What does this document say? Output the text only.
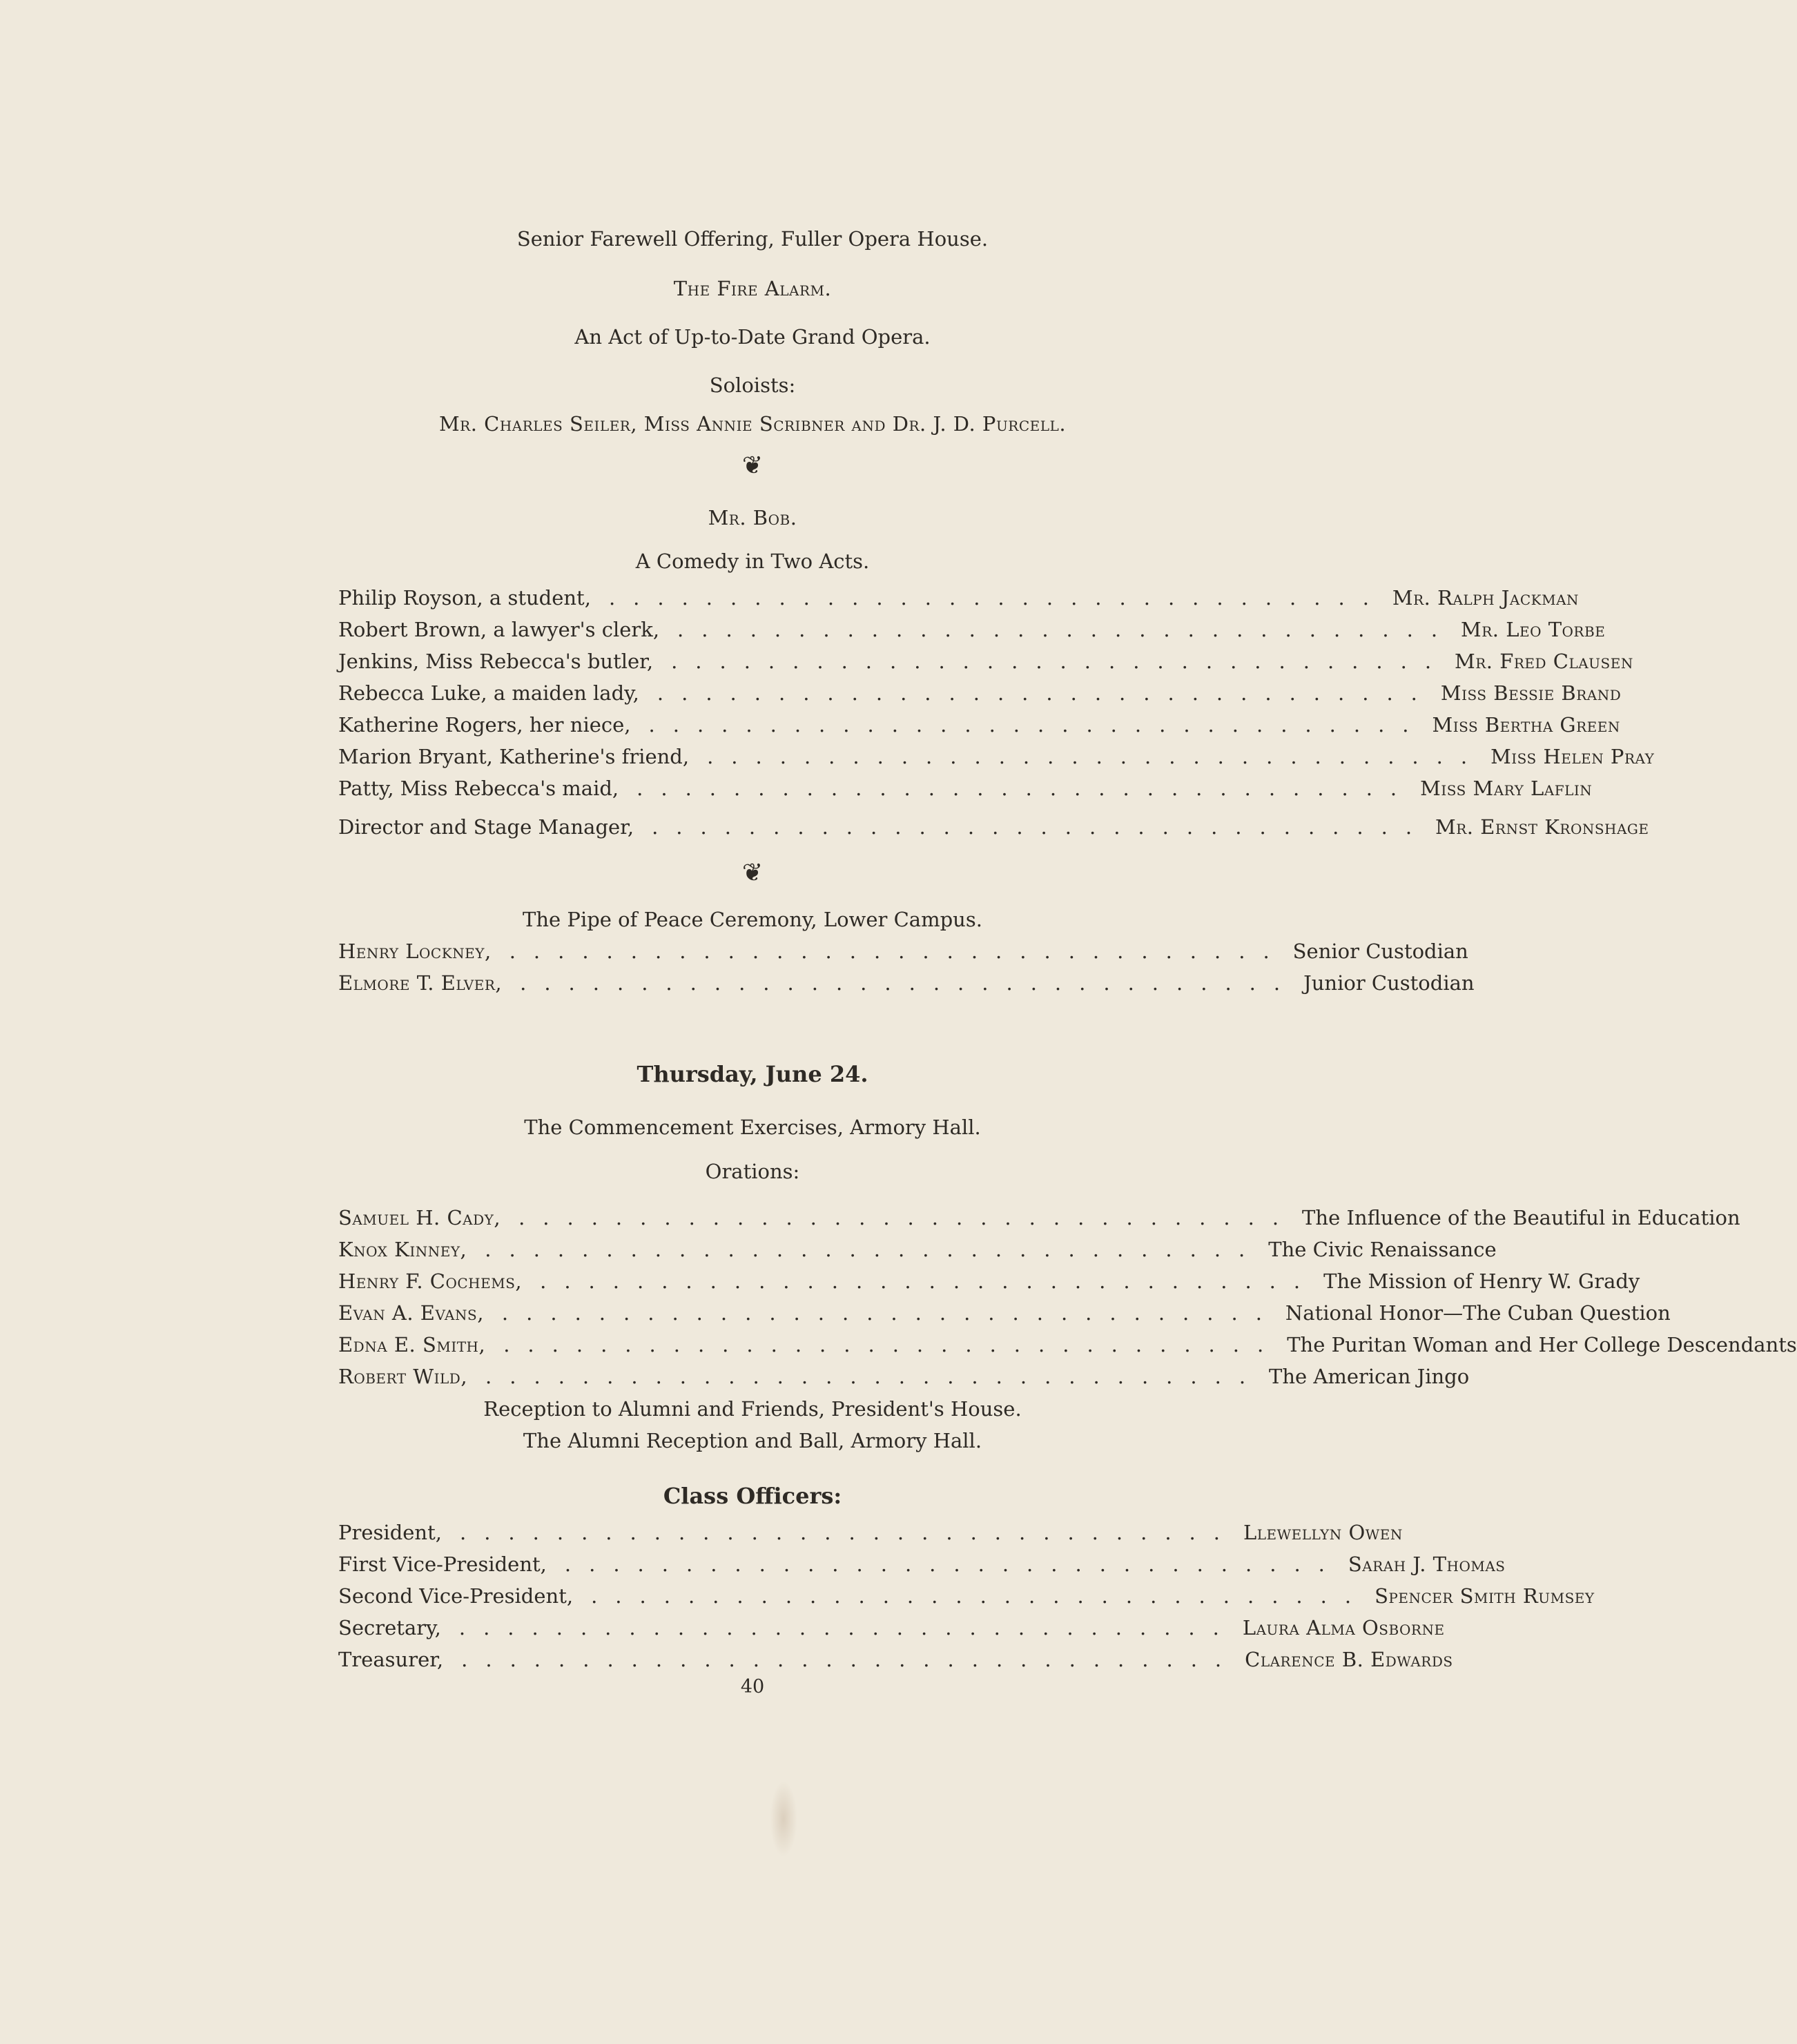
Senior Farewell Offering, Fuller Opera House.
The Fire Alarm.
An Act of Up-to-Date Grand Opera.
Soloists:
Mr. Charles Seiler, Miss Annie Scribner and Dr. J. D. Purcell.
❦
Mr. Bob.
A Comedy in Two Acts.
Philip Royson, a student, ................................ Mr. Ralph Jackman
Robert Brown, a lawyer's clerk, ................................ Mr. Leo Torbe
Jenkins, Miss Rebecca's butler, ................................ Mr. Fred Clausen
Rebecca Luke, a maiden lady, ................................ Miss Bessie Brand
Katherine Rogers, her niece, ................................ Miss Bertha Green
Marion Bryant, Katherine's friend, ................................ Miss Helen Pray
Patty, Miss Rebecca's maid, ................................ Miss Mary Laflin
Director and Stage Manager, ................................ Mr. Ernst Kronshage
❦
The Pipe of Peace Ceremony, Lower Campus.
Henry Lockney, ................................ Senior Custodian
Elmore T. Elver, ................................ Junior Custodian
Thursday, June 24.
The Commencement Exercises, Armory Hall.
Orations:
Samuel H. Cady, ................................ The Influence of the Beautiful in Education
Knox Kinney, ................................ The Civic Renaissance
Henry F. Cochems, ................................ The Mission of Henry W. Grady
Evan A. Evans, ................................ National Honor—The Cuban Question
Edna E. Smith, ................................ The Puritan Woman and Her College Descendants
Robert Wild, ................................ The American Jingo
Reception to Alumni and Friends, President's House.
The Alumni Reception and Ball, Armory Hall.
Class Officers:
President, ................................ Llewellyn Owen
First Vice-President, ................................ Sarah J. Thomas
Second Vice-President, ................................ Spencer Smith Rumsey
Secretary, ................................ Laura Alma Osborne
Treasurer, ................................ Clarence B. Edwards
40
